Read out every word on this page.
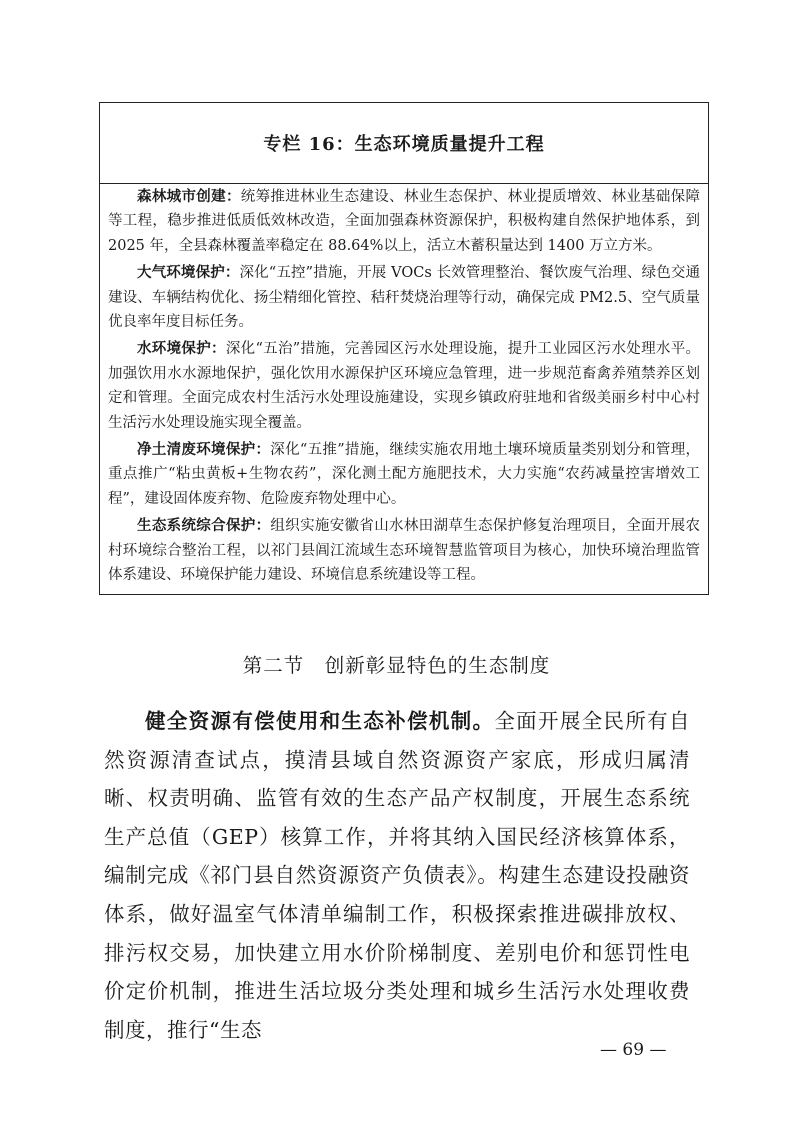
专栏 16：生态环境质量提升工程

森林城市创建：统筹推进林业生态建设、林业生态保护、林业提质增效、林业基础保障等工程，稳步推进低质低效林改造，全面加强森林资源保护，积极构建自然保护地体系，到 2025 年，全县森林覆盖率稳定在 88.64%以上，活立木蓄积量达到 1400 万立方米。

大气环境保护：深化“五控”措施，开展 VOCs 长效管理整治、餐饮废气治理、绿色交通建设、车辆结构优化、扬尘精细化管控、秸秆焚烧治理等行动，确保完成 PM2.5、空气质量优良率年度目标任务。

水环境保护：深化“五治”措施，完善园区污水处理设施，提升工业园区污水处理水平。加强饮用水水源地保护，强化饮用水源保护区环境应急管理，进一步规范畜禽养殖禁养区划定和管理。全面完成农村生活污水处理设施建设，实现乡镇政府驻地和省级美丽乡村中心村生活污水处理设施实现全覆盖。

净土清废环境保护：深化“五推”措施，继续实施农用地土壤环境质量类别划分和管理，重点推广“粘虫黄板+生物农药”，深化测土配方施肥技术，大力实施“农药减量控害增效工程”，建设固体废弃物、危险废弃物处理中心。

生态系统综合保护：组织实施安徽省山水林田湖草生态保护修复治理项目，全面开展农村环境综合整治工程，以祁门县阊江流域生态环境智慧监管项目为核心，加快环境治理监管体系建设、环境保护能力建设、环境信息系统建设等工程。

第二节　创新彰显特色的生态制度

健全资源有偿使用和生态补偿机制。全面开展全民所有自然资源清查试点，摸清县域自然资源资产家底，形成归属清晰、权责明确、监管有效的生态产品产权制度，开展生态系统生产总值（GEP）核算工作，并将其纳入国民经济核算体系，编制完成《祁门县自然资源资产负债表》。构建生态建设投融资体系，做好温室气体清单编制工作，积极探索推进碳排放权、排污权交易，加快建立用水价阶梯制度、差别电价和惩罚性电价定价机制，推进生活垃圾分类处理和城乡生活污水处理收费制度，推行“生态

— 69 —
